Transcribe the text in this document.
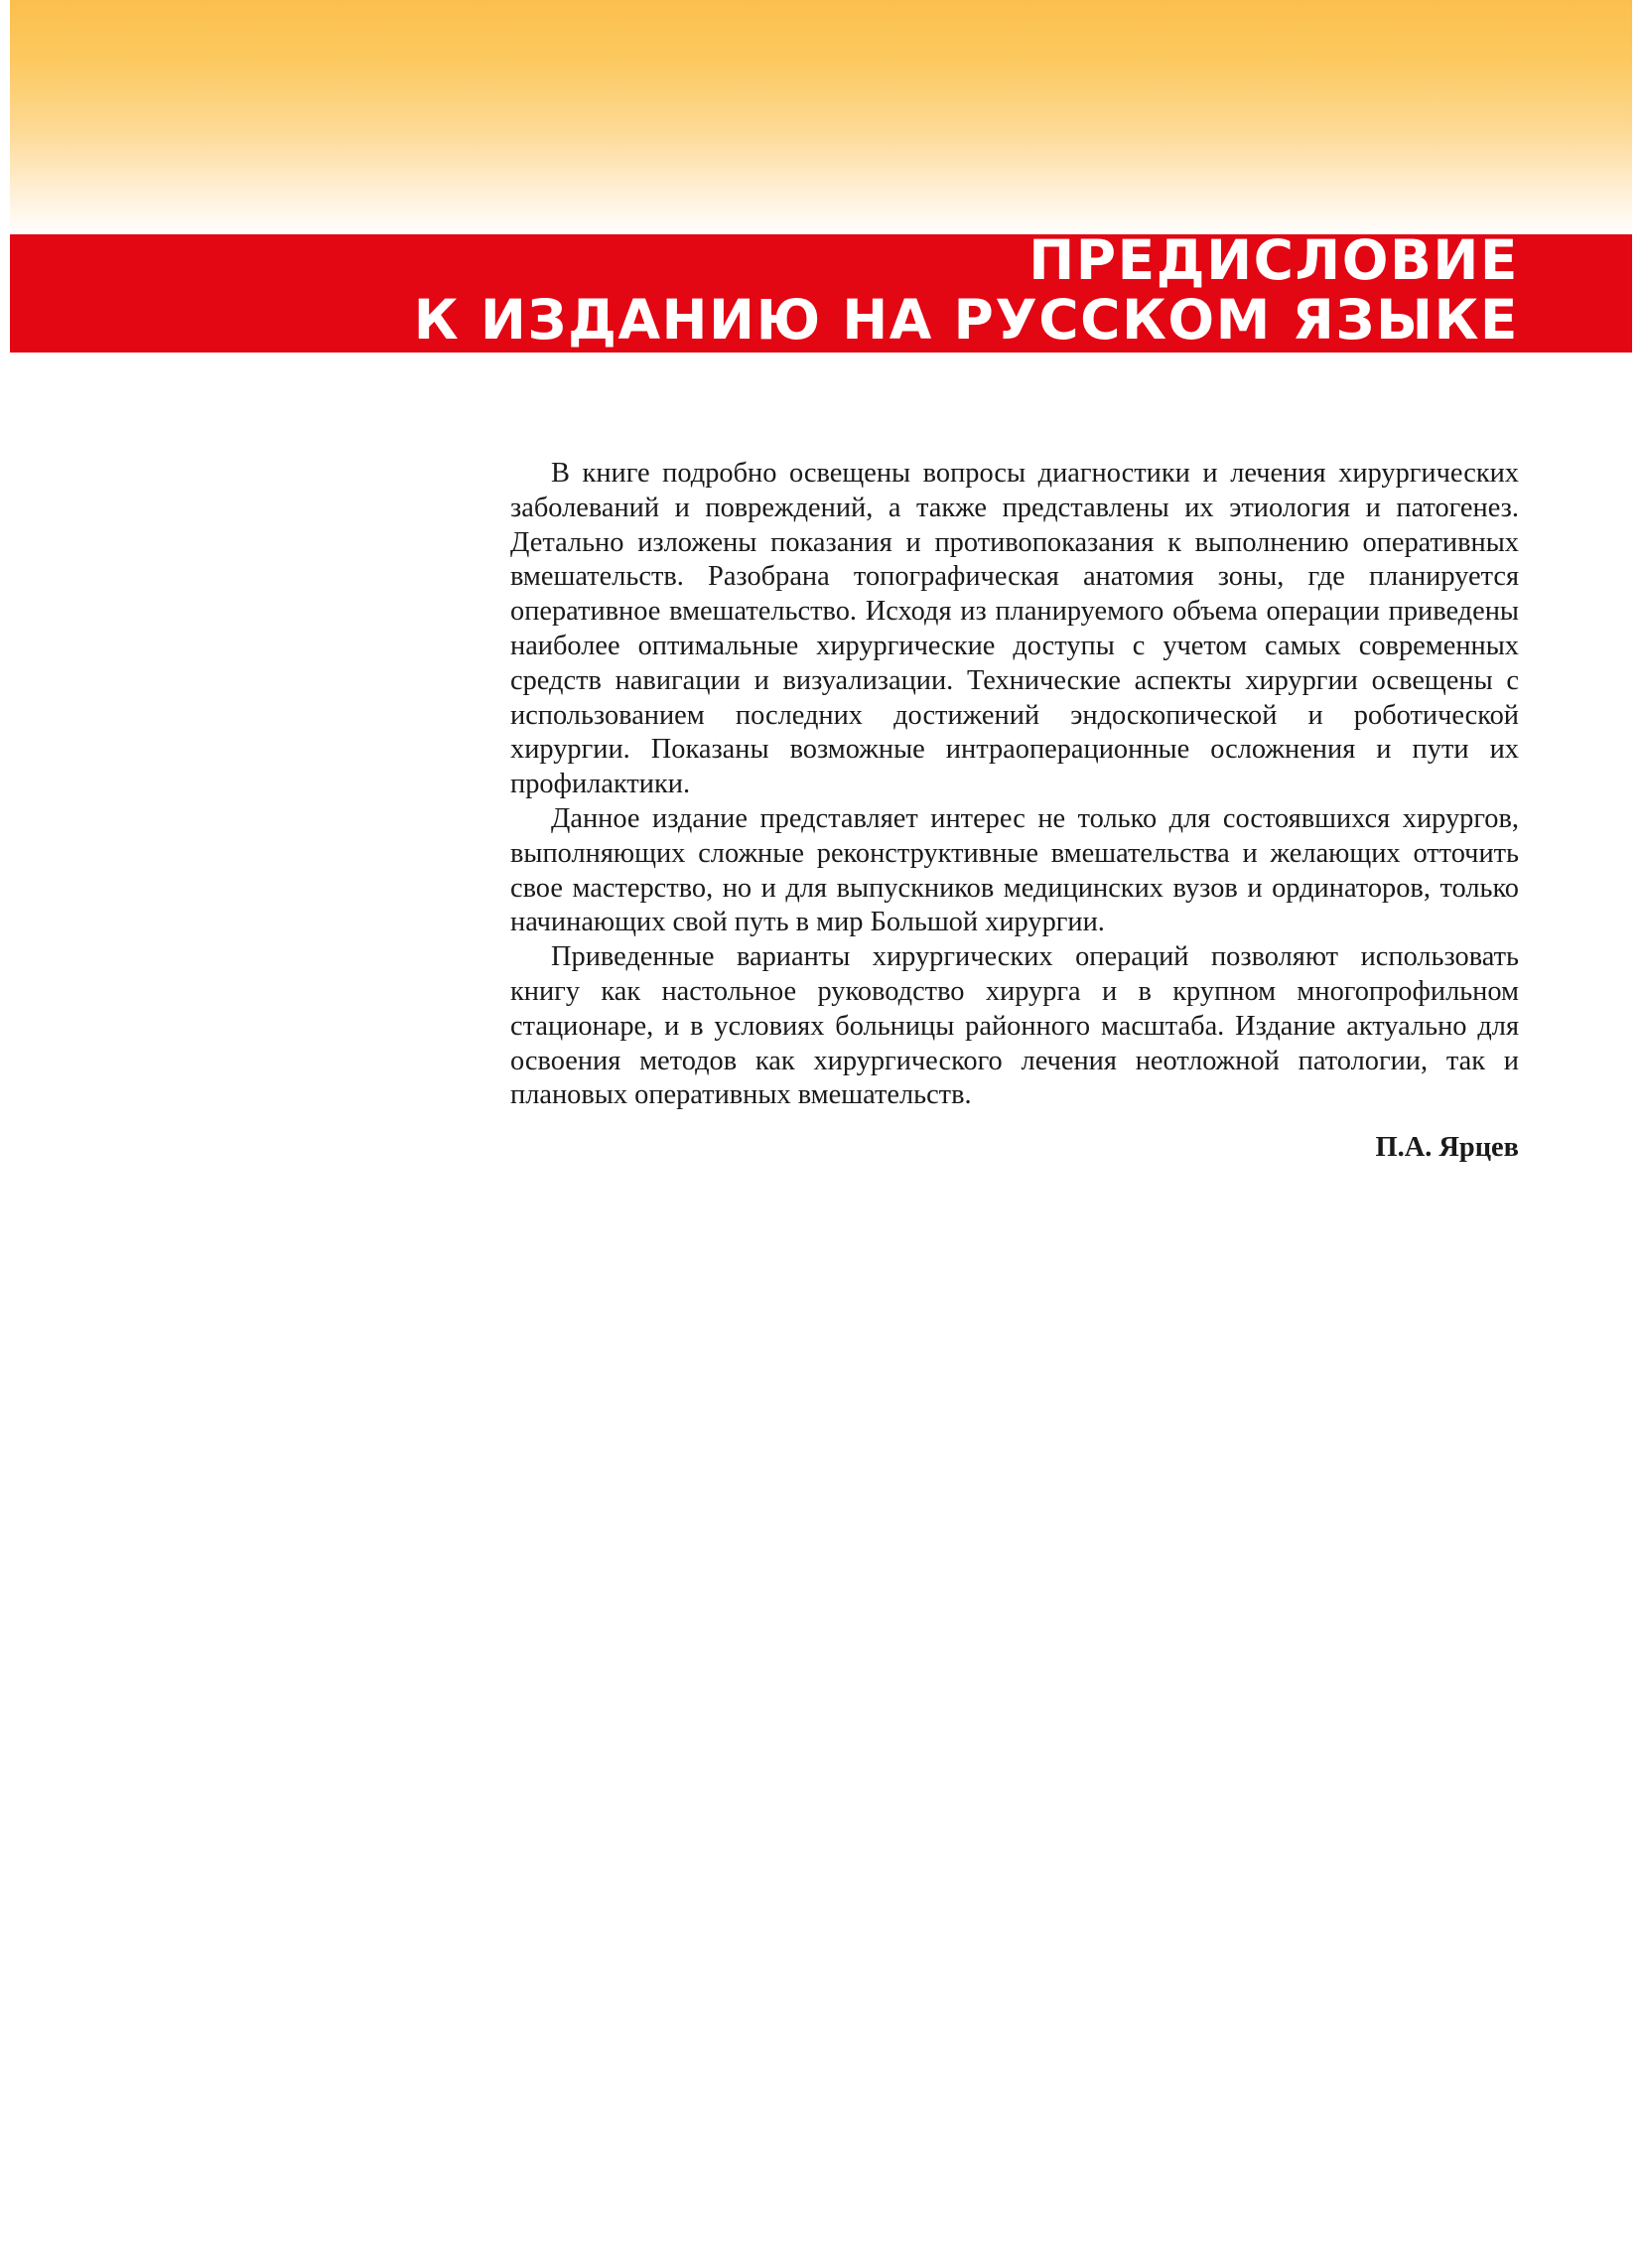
ПРЕДИСЛОВИЕ
К ИЗДАНИЮ НА РУССКОМ ЯЗЫКЕ

В книге подробно освещены вопросы диагностики и лечения хирургических заболеваний и повреждений, а также представлены их этиология и патогенез. Детально изложены показания и противопоказания к выполнению оперативных вмешательств. Разобрана топографическая анатомия зоны, где планируется оперативное вмешательство. Исходя из планируемого объема операции приведены наиболее оптимальные хирургические доступы с учетом самых современных средств навигации и визуализации. Технические аспекты хирургии освещены с использованием последних достижений эндоскопической и роботической хирургии. Показаны возможные интраоперационные осложнения и пути их профилактики.

Данное издание представляет интерес не только для состоявшихся хирургов, выполняющих сложные реконструктивные вмешательства и желающих отточить свое мастерство, но и для выпускников медицинских вузов и ординаторов, только начинающих свой путь в мир Большой хирургии.

Приведенные варианты хирургических операций позволяют использовать книгу как настольное руководство хирурга и в крупном многопрофильном стационаре, и в условиях больницы районного масштаба. Издание актуально для освоения методов как хирургического лечения неотложной патологии, так и плановых оперативных вмешательств.

П.А. Ярцев
